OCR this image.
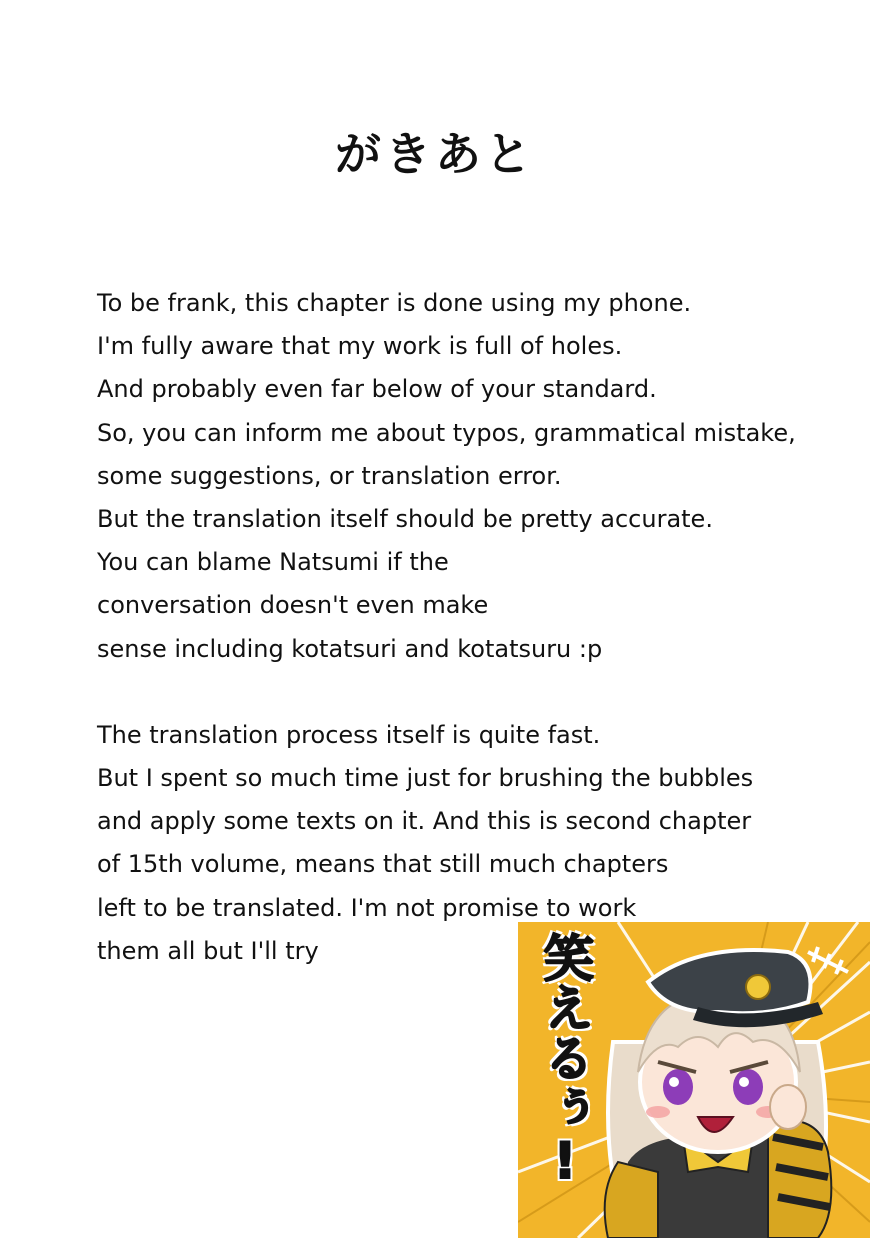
がきあと
To be frank, this chapter is done using my phone.
I'm fully aware that my work is full of holes.
And probably even far below of your standard.
So, you can inform me about typos, grammatical mistake,
some suggestions, or translation error.
But the translation itself should be pretty accurate.
You can blame Natsumi if the
conversation doesn't even make
sense including kotatsuri and kotatsuru :p
The translation process itself is quite fast.
But I spent so much time just for brushing the bubbles
and apply some texts on it. And this is second chapter
of 15th volume, means that still much chapters
left to be translated. I'm not promise to work
them all but I'll try	笑えるぅ!
